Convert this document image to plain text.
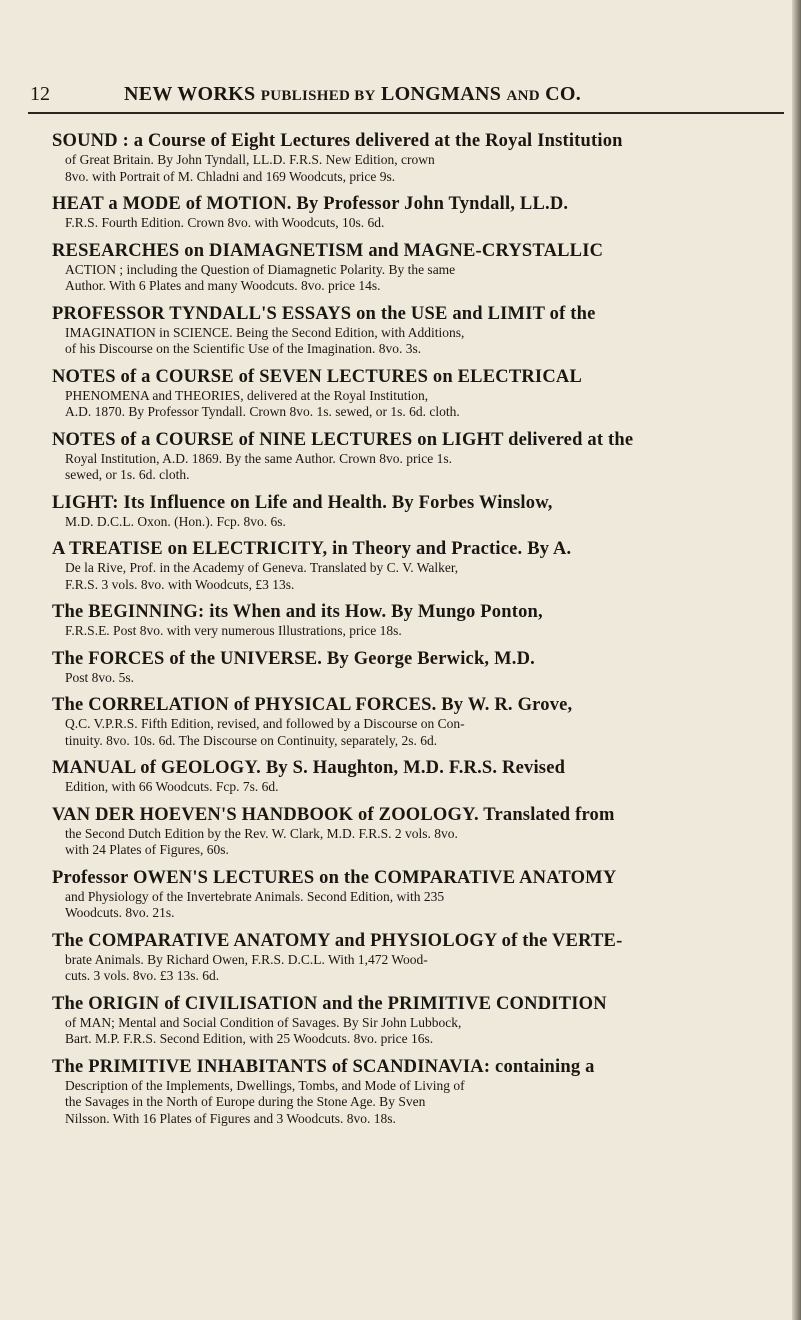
12	NEW WORKS PUBLISHED BY LONGMANS AND CO.
SOUND : a Course of Eight Lectures delivered at the Royal Institution
of Great Britain. By John Tyndall, LL.D. F.R.S. New Edition, crown
8vo. with Portrait of M. Chladni and 169 Woodcuts, price 9s.
HEAT a MODE of MOTION. By Professor John Tyndall, LL.D.
F.R.S. Fourth Edition. Crown 8vo. with Woodcuts, 10s. 6d.
RESEARCHES on DIAMAGNETISM and MAGNE-CRYSTALLIC
ACTION ; including the Question of Diamagnetic Polarity. By the same
Author. With 6 Plates and many Woodcuts. 8vo. price 14s.
PROFESSOR TYNDALL'S ESSAYS on the USE and LIMIT of the
IMAGINATION in SCIENCE. Being the Second Edition, with Additions,
of his Discourse on the Scientific Use of the Imagination. 8vo. 3s.
NOTES of a COURSE of SEVEN LECTURES on ELECTRICAL
PHENOMENA and THEORIES, delivered at the Royal Institution,
A.D. 1870. By Professor Tyndall. Crown 8vo. 1s. sewed, or 1s. 6d. cloth.
NOTES of a COURSE of NINE LECTURES on LIGHT delivered at the
Royal Institution, A.D. 1869. By the same Author. Crown 8vo. price 1s.
sewed, or 1s. 6d. cloth.
LIGHT: Its Influence on Life and Health. By Forbes Winslow,
M.D. D.C.L. Oxon. (Hon.). Fcp. 8vo. 6s.
A TREATISE on ELECTRICITY, in Theory and Practice. By A.
De la Rive, Prof. in the Academy of Geneva. Translated by C. V. Walker,
F.R.S. 3 vols. 8vo. with Woodcuts, £3 13s.
The BEGINNING: its When and its How. By Mungo Ponton,
F.R.S.E. Post 8vo. with very numerous Illustrations, price 18s.
The FORCES of the UNIVERSE. By George Berwick, M.D.
Post 8vo. 5s.
The CORRELATION of PHYSICAL FORCES. By W. R. Grove,
Q.C. V.P.R.S. Fifth Edition, revised, and followed by a Discourse on Con-
tinuity. 8vo. 10s. 6d. The Discourse on Continuity, separately, 2s. 6d.
MANUAL of GEOLOGY. By S. Haughton, M.D. F.R.S. Revised
Edition, with 66 Woodcuts. Fcp. 7s. 6d.
VAN DER HOEVEN'S HANDBOOK of ZOOLOGY. Translated from
the Second Dutch Edition by the Rev. W. Clark, M.D. F.R.S. 2 vols. 8vo.
with 24 Plates of Figures, 60s.
Professor OWEN'S LECTURES on the COMPARATIVE ANATOMY
and Physiology of the Invertebrate Animals. Second Edition, with 235
Woodcuts. 8vo. 21s.
The COMPARATIVE ANATOMY and PHYSIOLOGY of the VERTE-
brate Animals. By Richard Owen, F.R.S. D.C.L. With 1,472 Wood-
cuts. 3 vols. 8vo. £3 13s. 6d.
The ORIGIN of CIVILISATION and the PRIMITIVE CONDITION
of MAN; Mental and Social Condition of Savages. By Sir John Lubbock,
Bart. M.P. F.R.S. Second Edition, with 25 Woodcuts. 8vo. price 16s.
The PRIMITIVE INHABITANTS of SCANDINAVIA: containing a
Description of the Implements, Dwellings, Tombs, and Mode of Living of
the Savages in the North of Europe during the Stone Age. By Sven
Nilsson. With 16 Plates of Figures and 3 Woodcuts. 8vo. 18s.
